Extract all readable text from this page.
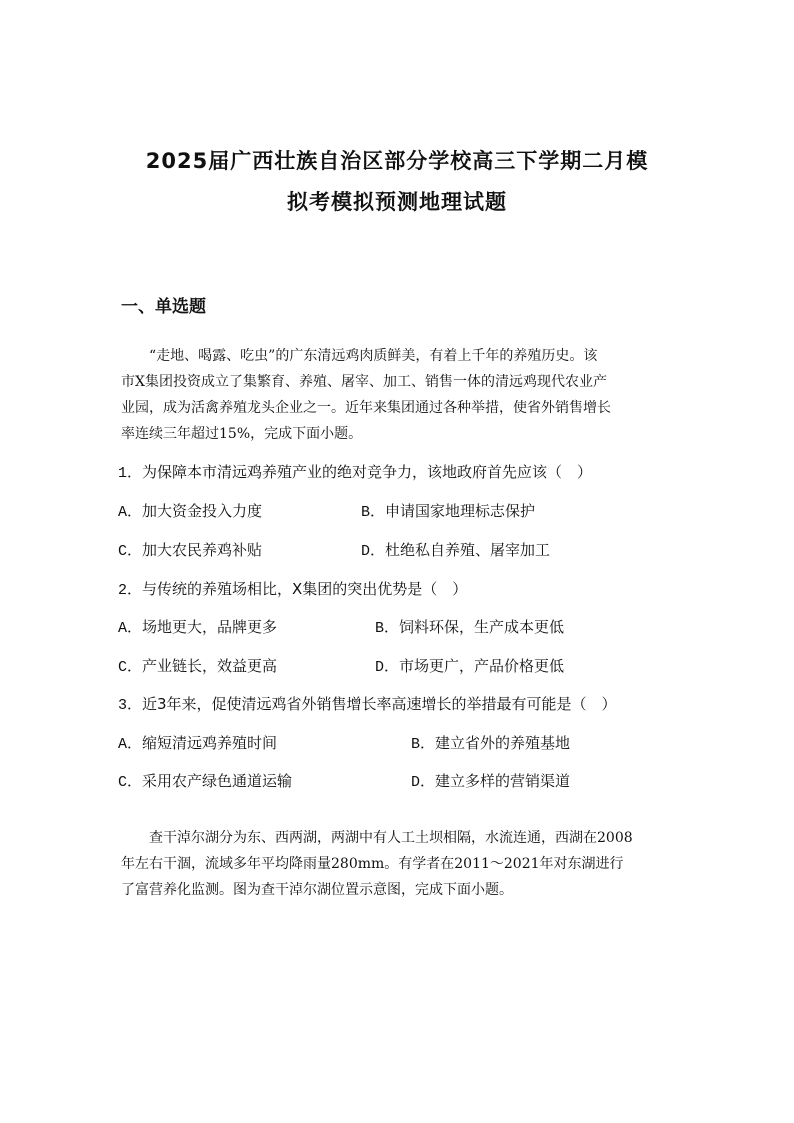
2025届广西壮族自治区部分学校高三下学期二月模
拟考模拟预测地理试题
一、单选题
“走地、喝露、吃虫”的广东清远鸡肉质鲜美，有着上千年的养殖历史。该
市X集团投资成立了集繁育、养殖、屠宰、加工、销售一体的清远鸡现代农业产
业园，成为活禽养殖龙头企业之一。近年来集团通过各种举措，使省外销售增长
率连续三年超过15%，完成下面小题。

1．为保障本市清远鸡养殖产业的绝对竞争力，该地政府首先应该（　）

A．加大资金投入力度	B．申请国家地理标志保护

C．加大农民养鸡补贴	D．杜绝私自养殖、屠宰加工

2．与传统的养殖场相比，X集团的突出优势是（　）

A．场地更大，品牌更多	B．饲料环保，生产成本更低

C．产业链长，效益更高	D．市场更广，产品价格更低

3．近3年来，促使清远鸡省外销售增长率高速增长的举措最有可能是（　）

A．缩短清远鸡养殖时间	B．建立省外的养殖基地

C．采用农产绿色通道运输	D．建立多样的营销渠道

查干淖尔湖分为东、西两湖，两湖中有人工土坝相隔，水流连通，西湖在2008
年左右干涸，流域多年平均降雨量280mm。有学者在2011～2021年对东湖进行
了富营养化监测。图为查干淖尔湖位置示意图，完成下面小题。
